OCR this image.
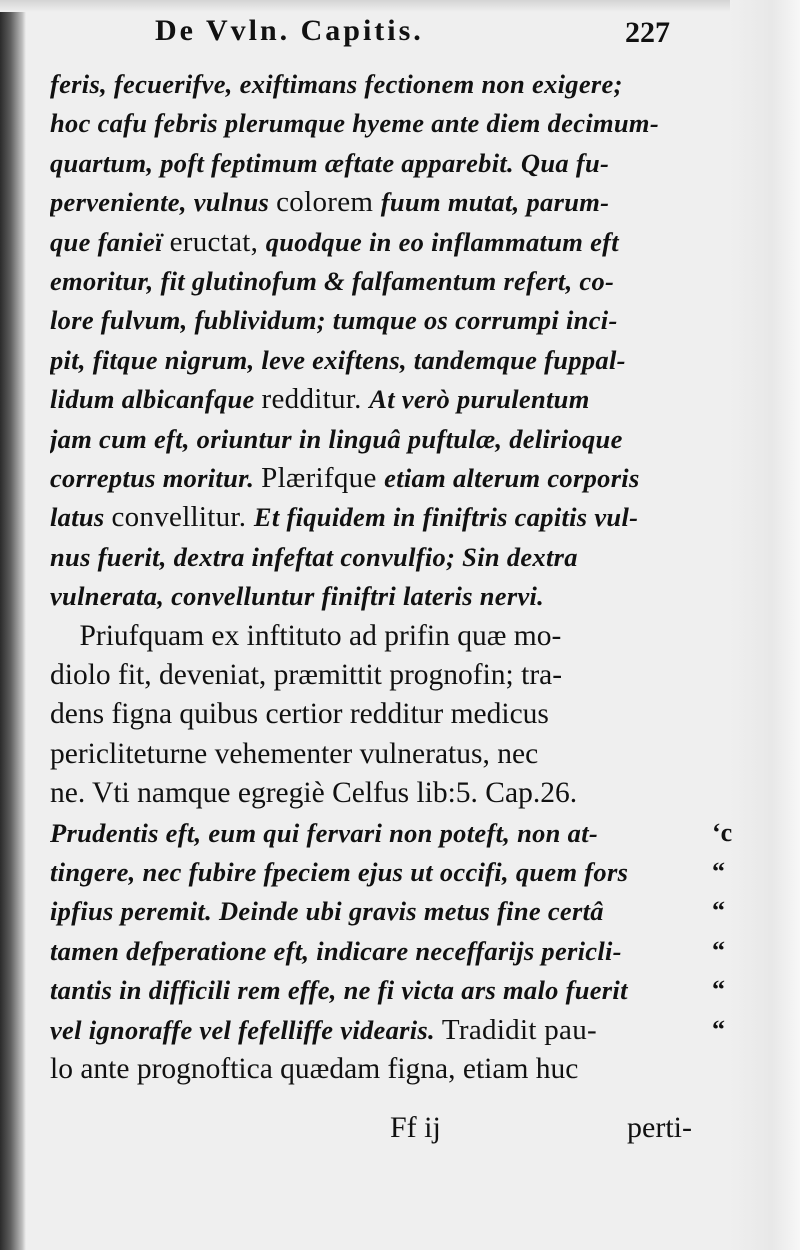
De Vvln. Capitis.	227
feris, fecuerifve, exiftimans fectionem non exigere;
hoc cafu febris plerumque hyeme ante diem decimum-
quartum, poft feptimum æftate apparebit. Qua fu-
perveniente, vulnus colorem fuum mutat, parum-
que fanieï eructat, quodque in eo inflammatum eft
emoritur, fit glutinofum & falfamentum refert, co-
lore fulvum, fublividum; tumque os corrumpi inci-
pit, fitque nigrum, leve exiftens, tandemque fuppal-
lidum albicanfque redditur. At verò purulentum
jam cum eft, oriuntur in linguâ puftulæ, delirioque
correptus moritur. Plærifque etiam alterum corporis
latus convellitur. Et fiquidem in finiftris capitis vul-
nus fuerit, dextra infeftat convulfio; Sin dextra
vulnerata, convelluntur finiftri lateris nervi.
Priufquam ex inftituto ad prifin quæ mo-
diolo fit, deveniat, præmittit prognofin; tra-
dens figna quibus certior redditur medicus
pericliteturne vehementer vulneratus, nec
ne. Vti namque egregiè Celfus lib:5. Cap.26.
Prudentis eft, eum qui fervari non poteft, non at-
tingere, nec fubire fpeciem ejus ut occifi, quem fors
ipfius peremit. Deinde ubi gravis metus fine certâ
tamen defperatione eft, indicare neceffarijs pericli-
tantis in difficili rem effe, ne fi victa ars malo fuerit
vel ignoraffe vel fefelliffe videaris. Tradidit pau-
lo ante prognoftica quædam figna, etiam huc
‘c
“
“
“
“
“
Ff ij	perti-
